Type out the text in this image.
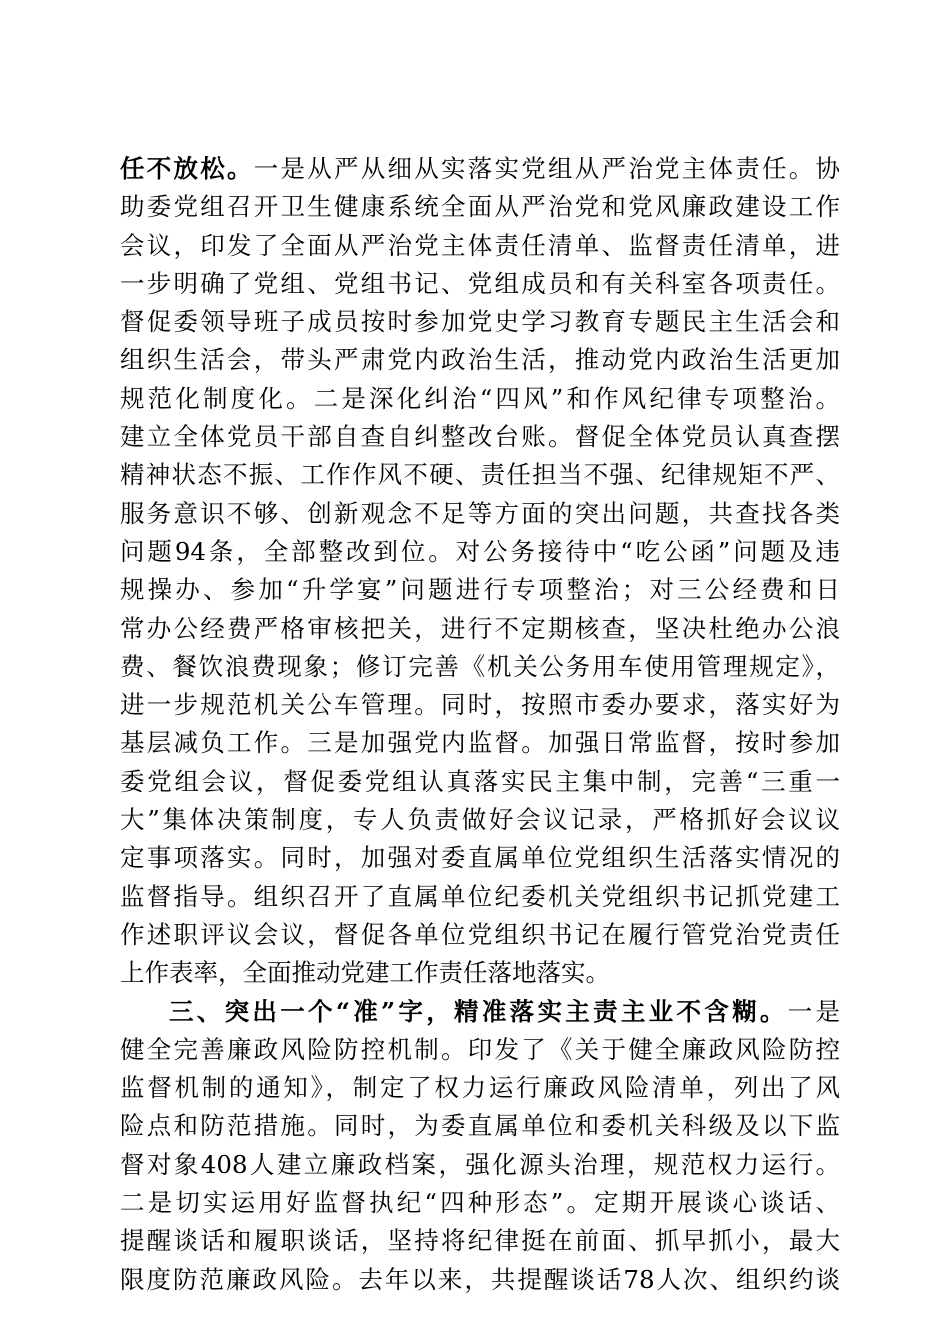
任不放松。一是从严从细从实落实党组从严治党主体责任。协
助委党组召开卫生健康系统全面从严治党和党风廉政建设工作
会议，印发了全面从严治党主体责任清单、监督责任清单，进
一步明确了党组、党组书记、党组成员和有关科室各项责任。
督促委领导班子成员按时参加党史学习教育专题民主生活会和
组织生活会，带头严肃党内政治生活，推动党内政治生活更加
规范化制度化。二是深化纠治“四风”和作风纪律专项整治。
建立全体党员干部自查自纠整改台账。督促全体党员认真查摆
精神状态不振、工作作风不硬、责任担当不强、纪律规矩不严、
服务意识不够、创新观念不足等方面的突出问题，共查找各类
问题94条，全部整改到位。对公务接待中“吃公函”问题及违
规操办、参加“升学宴”问题进行专项整治；对三公经费和日
常办公经费严格审核把关，进行不定期核查，坚决杜绝办公浪
费、餐饮浪费现象；修订完善《机关公务用车使用管理规定》，
进一步规范机关公车管理。同时，按照市委办要求，落实好为
基层减负工作。三是加强党内监督。加强日常监督，按时参加
委党组会议，督促委党组认真落实民主集中制，完善“三重一
大”集体决策制度，专人负责做好会议记录，严格抓好会议议
定事项落实。同时，加强对委直属单位党组织生活落实情况的
监督指导。组织召开了直属单位纪委机关党组织书记抓党建工
作述职评议会议，督促各单位党组织书记在履行管党治党责任
上作表率，全面推动党建工作责任落地落实。
三、突出一个“准”字，精准落实主责主业不含糊。一是
健全完善廉政风险防控机制。印发了《关于健全廉政风险防控
监督机制的通知》，制定了权力运行廉政风险清单，列出了风
险点和防范措施。同时，为委直属单位和委机关科级及以下监
督对象408人建立廉政档案，强化源头治理，规范权力运行。
二是切实运用好监督执纪“四种形态”。定期开展谈心谈话、
提醒谈话和履职谈话，坚持将纪律挺在前面、抓早抓小，最大
限度防范廉政风险。去年以来，共提醒谈话78人次、组织约谈
